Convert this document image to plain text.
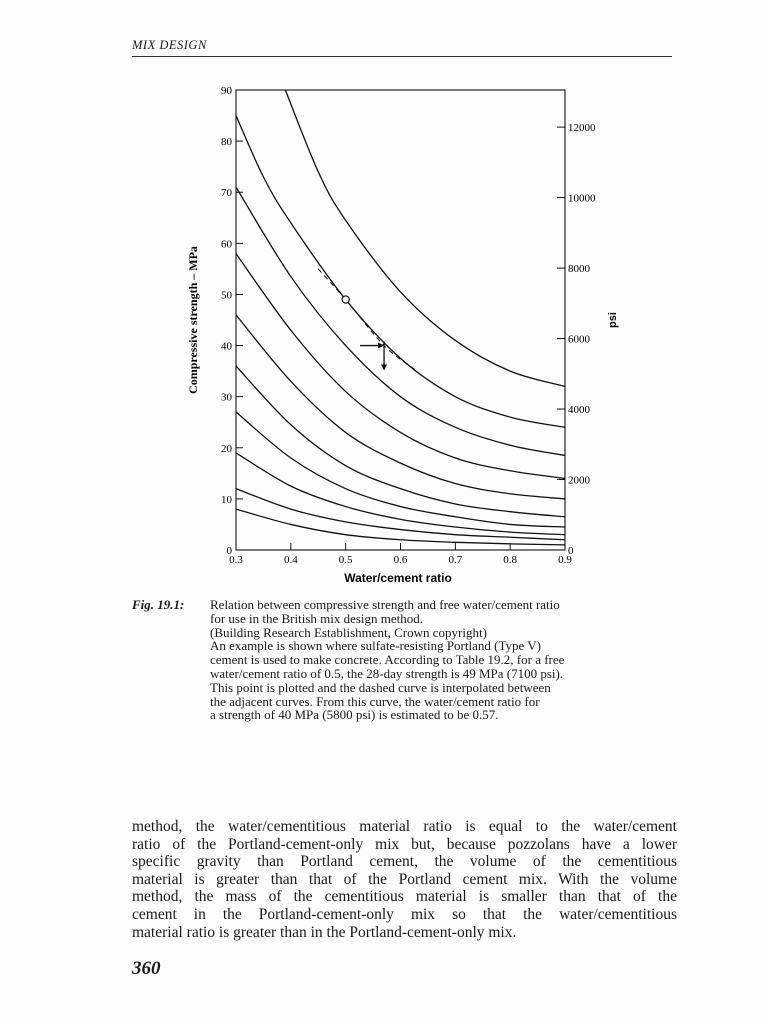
MIX DESIGN
0.3	0.4	0.5	0.6	0.7	0.8	0.9
0
10
20
30
40
50
60
70
80
90
0
2000
4000
6000
8000
10000
12000
Water/cement ratio
Compressive strength – MPa	psi
Fig. 19.1:	Relation between compressive strength and free water/cement ratio
for use in the British mix design method.
(Building Research Establishment, Crown copyright)
An example is shown where sulfate-resisting Portland (Type V)
cement is used to make concrete. According to Table 19.2, for a free
water/cement ratio of 0.5, the 28-day strength is 49 MPa (7100 psi).
This point is plotted and the dashed curve is interpolated between
the adjacent curves. From this curve, the water/cement ratio for
a strength of 40 MPa (5800 psi) is estimated to be 0.57.
method, the water/cementitious material ratio is equal to the water/cement
ratio of the Portland-cement-only mix but, because pozzolans have a lower
specific gravity than Portland cement, the volume of the cementitious
material is greater than that of the Portland cement mix. With the volume
method, the mass of the cementitious material is smaller than that of the
cement in the Portland-cement-only mix so that the water/cementitious
material ratio is greater than in the Portland-cement-only mix.
360
